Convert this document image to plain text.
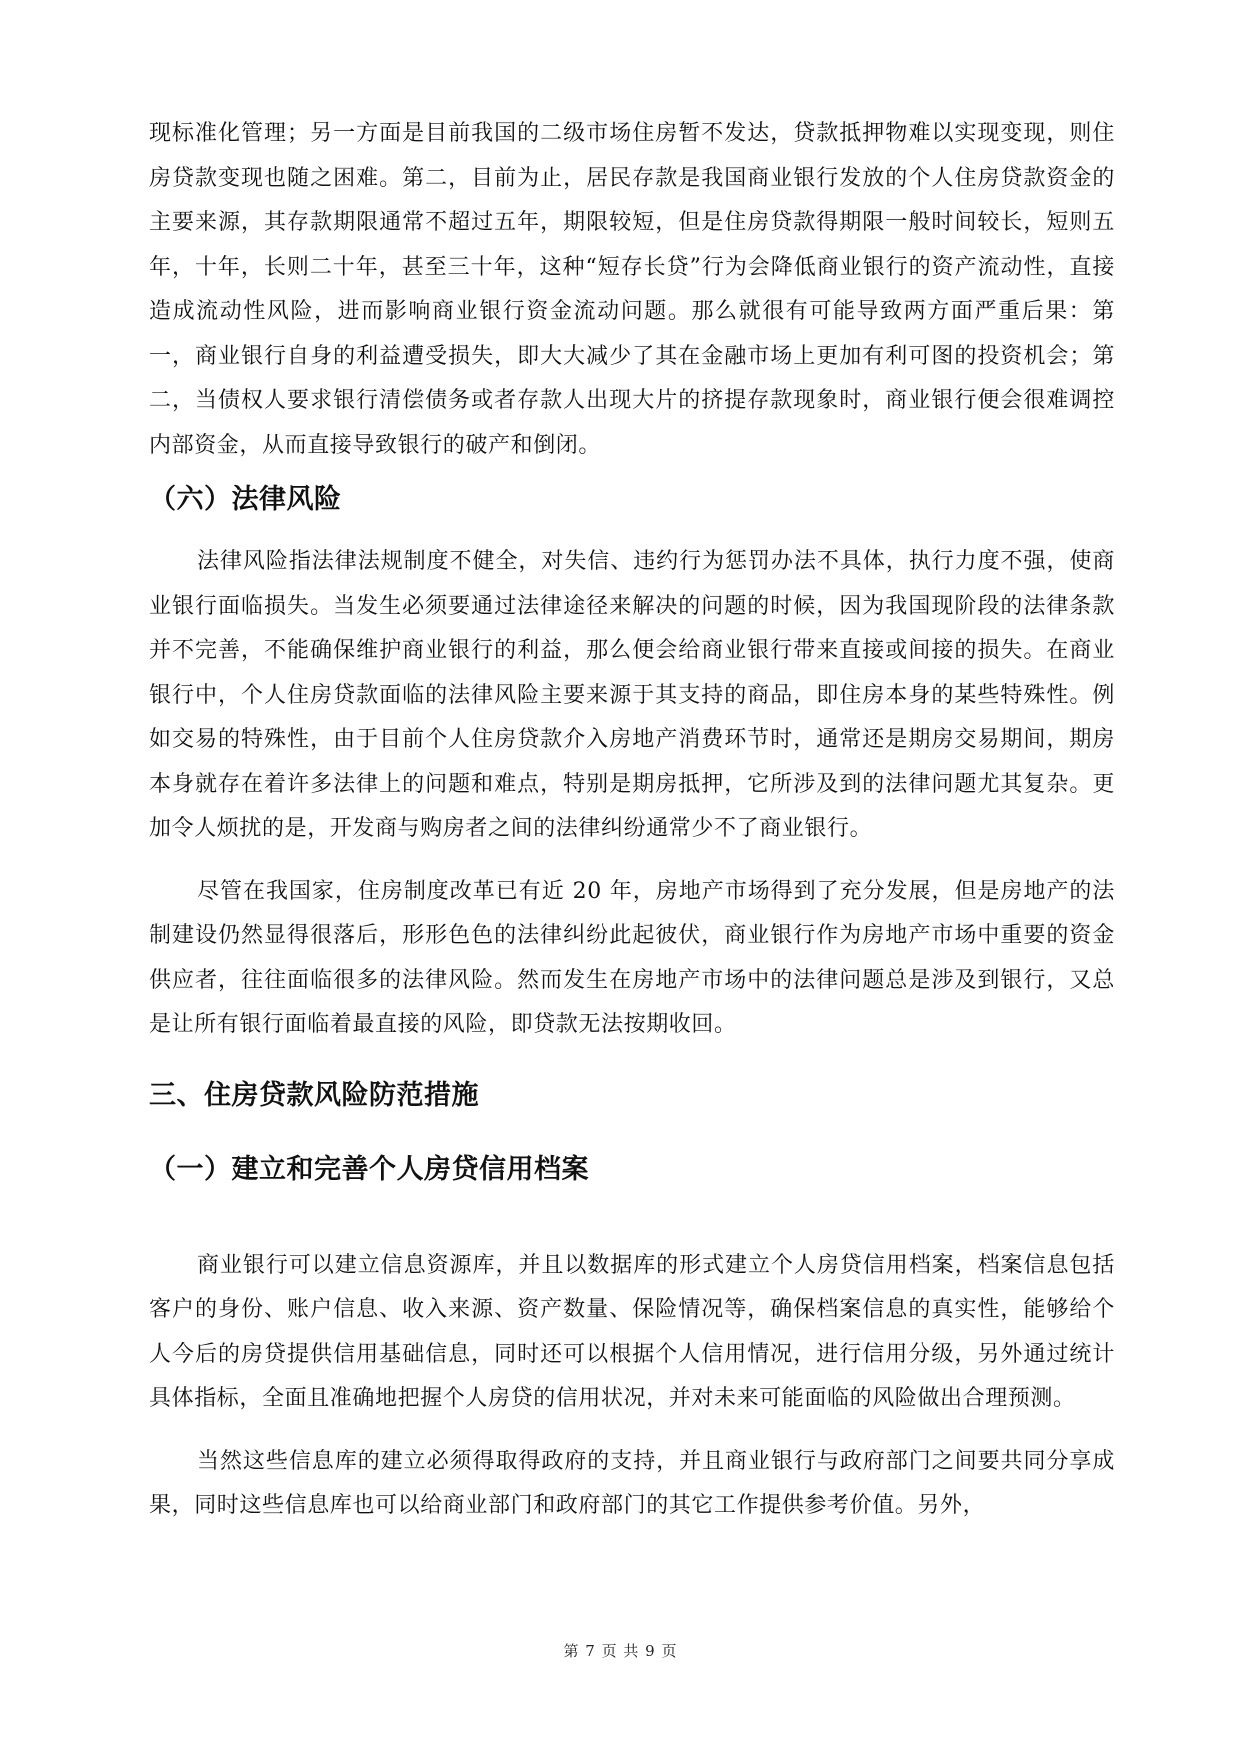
现标准化管理；另一方面是目前我国的二级市场住房暂不发达，贷款抵押物难以实现变现，则住房贷款变现也随之困难。第二，目前为止，居民存款是我国商业银行发放的个人住房贷款资金的主要来源，其存款期限通常不超过五年，期限较短，但是住房贷款得期限一般时间较长，短则五年，十年，长则二十年，甚至三十年，这种“短存长贷”行为会降低商业银行的资产流动性，直接造成流动性风险，进而影响商业银行资金流动问题。那么就很有可能导致两方面严重后果：第一，商业银行自身的利益遭受损失，即大大减少了其在金融市场上更加有利可图的投资机会；第二，当债权人要求银行清偿债务或者存款人出现大片的挤提存款现象时，商业银行便会很难调控内部资金，从而直接导致银行的破产和倒闭。

（六）法律风险

法律风险指法律法规制度不健全，对失信、违约行为惩罚办法不具体，执行力度不强，使商业银行面临损失。当发生必须要通过法律途径来解决的问题的时候，因为我国现阶段的法律条款并不完善，不能确保维护商业银行的利益，那么便会给商业银行带来直接或间接的损失。在商业银行中，个人住房贷款面临的法律风险主要来源于其支持的商品，即住房本身的某些特殊性。例如交易的特殊性，由于目前个人住房贷款介入房地产消费环节时，通常还是期房交易期间，期房本身就存在着许多法律上的问题和难点，特别是期房抵押，它所涉及到的法律问题尤其复杂。更加令人烦扰的是，开发商与购房者之间的法律纠纷通常少不了商业银行。

尽管在我国家，住房制度改革已有近 20 年，房地产市场得到了充分发展，但是房地产的法制建设仍然显得很落后，形形色色的法律纠纷此起彼伏，商业银行作为房地产市场中重要的资金供应者，往往面临很多的法律风险。然而发生在房地产市场中的法律问题总是涉及到银行，又总是让所有银行面临着最直接的风险，即贷款无法按期收回。

三、住房贷款风险防范措施
（一）建立和完善个人房贷信用档案

商业银行可以建立信息资源库，并且以数据库的形式建立个人房贷信用档案，档案信息包括客户的身份、账户信息、收入来源、资产数量、保险情况等，确保档案信息的真实性，能够给个人今后的房贷提供信用基础信息，同时还可以根据个人信用情况，进行信用分级，另外通过统计具体指标，全面且准确地把握个人房贷的信用状况，并对未来可能面临的风险做出合理预测。

当然这些信息库的建立必须得取得政府的支持，并且商业银行与政府部门之间要共同分享成果，同时这些信息库也可以给商业部门和政府部门的其它工作提供参考价值。另外，

第 7 页 共 9 页
